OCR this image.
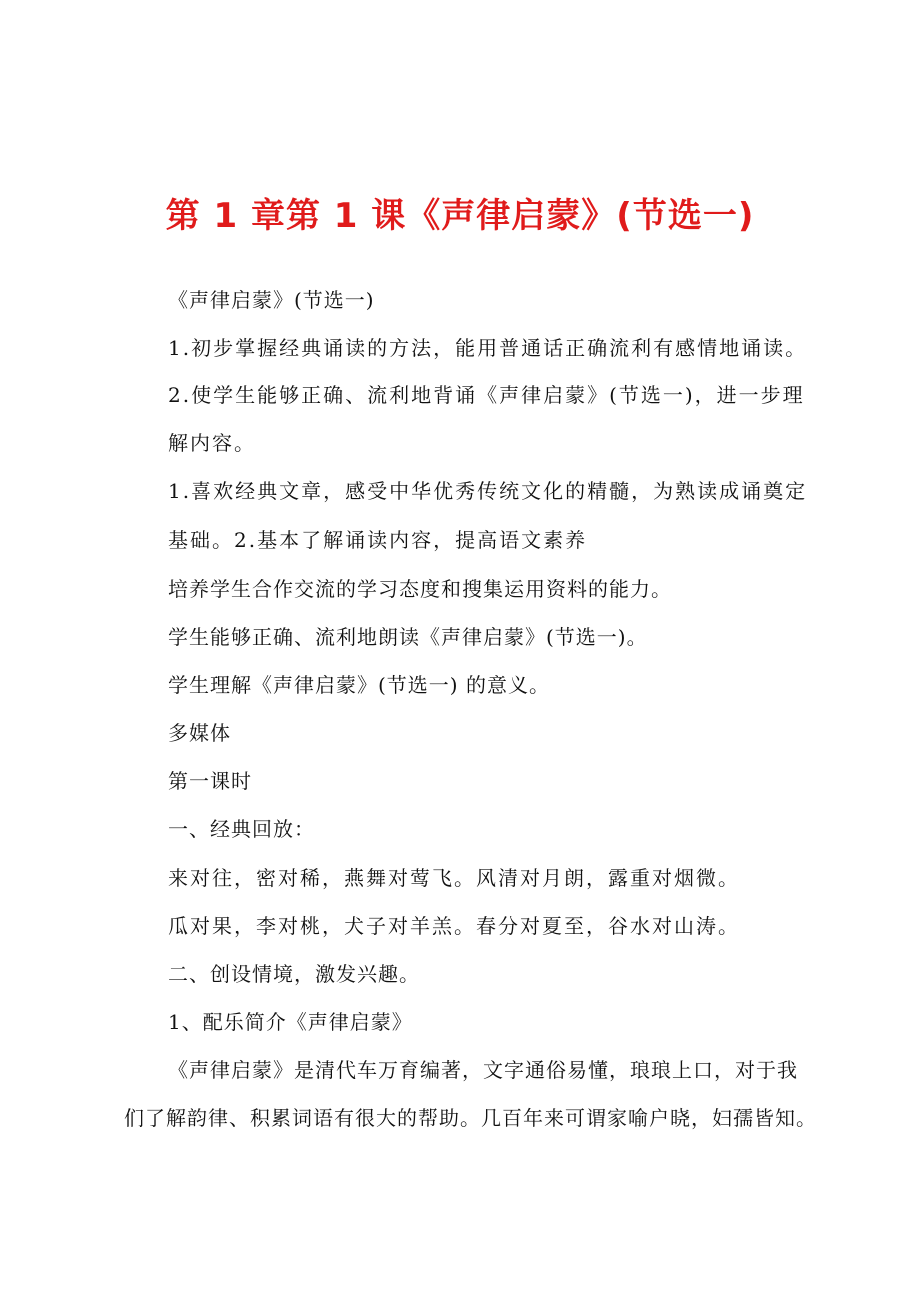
第 1 章第 1 课《声律启蒙》(节选一)
《声律启蒙》(节选一)
1.初步掌握经典诵读的方法，能用普通话正确流利有感情地诵读。
2.使学生能够正确、流利地背诵《声律启蒙》(节选一)，进一步理
解内容。
1.喜欢经典文章，感受中华优秀传统文化的精髓，为熟读成诵奠定
基础。2.基本了解诵读内容，提高语文素养
培养学生合作交流的学习态度和搜集运用资料的能力。
学生能够正确、流利地朗读《声律启蒙》(节选一)。
学生理解《声律启蒙》(节选一) 的意义。
多媒体
第一课时
一、经典回放：
来对往，密对稀，燕舞对莺飞。风清对月朗，露重对烟微。
瓜对果，李对桃，犬子对羊羔。春分对夏至，谷水对山涛。
二、创设情境，激发兴趣。
1、配乐简介《声律启蒙》
《声律启蒙》是清代车万育编著，文字通俗易懂，琅琅上口，对于我
们了解韵律、积累词语有很大的帮助。几百年来可谓家喻户晓，妇孺皆知。
